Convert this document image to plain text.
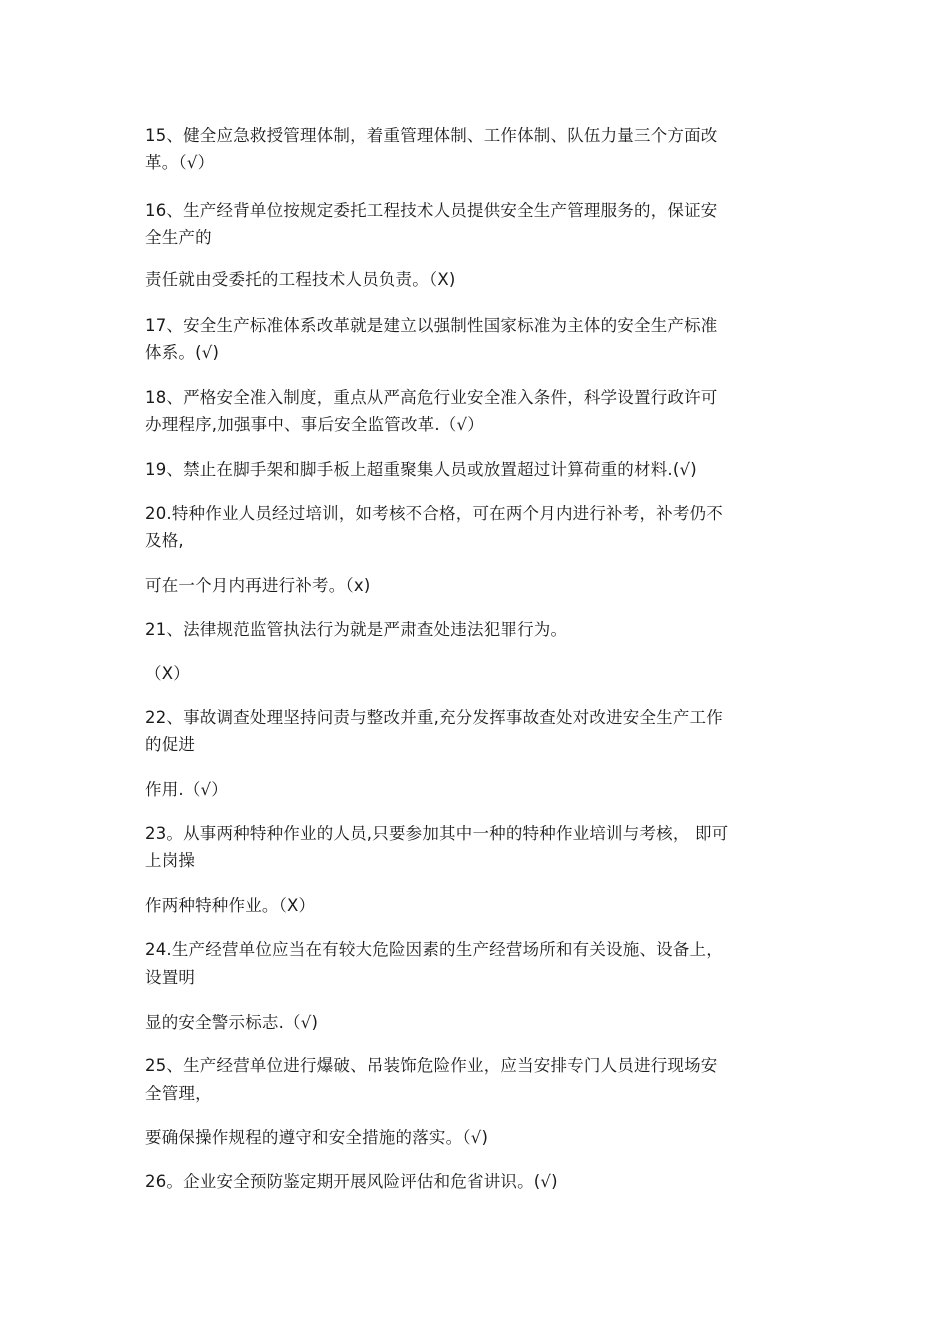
15、健全应急救授管理体制，着重管理体制、工作体制、队伍力量三个方面改
革。（√）
16、生产经背单位按规定委托工程技术人员提供安全生产管理服务的，保证安
全生产的
责任就由受委托的工程技术人员负责。（X)
17、安全生产标准体系改革就是建立以强制性国家标准为主体的安全生产标准
体系。(√)
18、严格安全准入制度，重点从严高危行业安全准入条件，科学设置行政许可
办理程序,加强事中、事后安全监管改革.（√）
19、禁止在脚手架和脚手板上超重聚集人员或放置超过计算荷重的材料.(√)
20.特种作业人员经过培训，如考核不合格，可在两个月内进行补考，补考仍不
及格,
可在一个月内再进行补考。（x)
21、法律规范监管执法行为就是严肃查处违法犯罪行为。
（X）
22、事故调查处理坚持问责与整改并重,充分发挥事故查处对改进安全生产工作
的促进
作用.（√）
23。从事两种特种作业的人员,只要参加其中一种的特种作业培训与考核， 即可
上岗操
作两种特种作业。（X）
24.生产经营单位应当在有较大危险因素的生产经营场所和有关设施、设备上，
设置明
显的安全警示标志.（√)
25、生产经营单位进行爆破、吊装饰危险作业，应当安排专门人员进行现场安
全管理，
要确保操作规程的遵守和安全措施的落实。（√)
26。企业安全预防鉴定期开展风险评估和危省讲识。(√)
